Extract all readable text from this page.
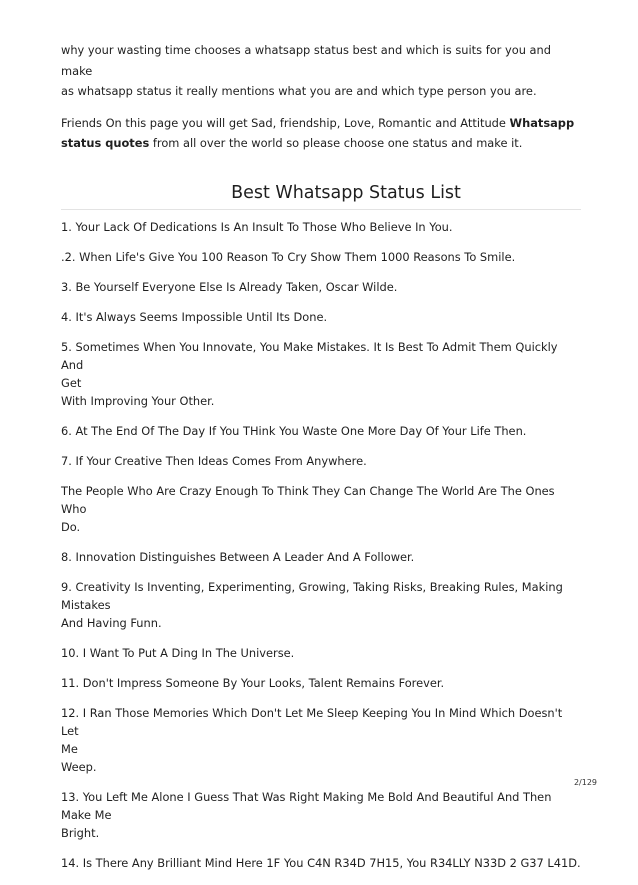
why your wasting time chooses a whatsapp status best and which is suits for you and make
as whatsapp status it really mentions what you are and which type person you are.

Friends On this page you will get Sad, friendship, Love, Romantic and Attitude Whatsapp
status quotes from all over the world so please choose one status and make it.

Best Whatsapp Status List

1. Your Lack Of Dedications Is An Insult To Those Who Believe In You.

.2. When Life's Give You 100 Reason To Cry Show Them 1000 Reasons To Smile.

3. Be Yourself Everyone Else Is Already Taken, Oscar Wilde.

4. It's Always Seems Impossible Until Its Done.

5. Sometimes When You Innovate, You Make Mistakes. It Is Best To Admit Them Quickly And
Get
With Improving Your Other.

6. At The End Of The Day If You THink You Waste One More Day Of Your Life Then.

7. If Your Creative Then Ideas Comes From Anywhere.

The People Who Are Crazy Enough To Think They Can Change The World Are The Ones Who
Do.

8. Innovation Distinguishes Between A Leader And A Follower.

9. Creativity Is Inventing, Experimenting, Growing, Taking Risks, Breaking Rules, Making
Mistakes
And Having Funn.

10. I Want To Put A Ding In The Universe.

11. Don't Impress Someone By Your Looks, Talent Remains Forever.

12. I Ran Those Memories Which Don't Let Me Sleep Keeping You In Mind Which Doesn't Let
Me
Weep.

13. You Left Me Alone I Guess That Was Right Making Me Bold And Beautiful And Then
Make Me
Bright.

14. Is There Any Brilliant Mind Here 1F You C4N R34D 7H15, You R34LLY N33D 2 G37 L41D.

2/129
